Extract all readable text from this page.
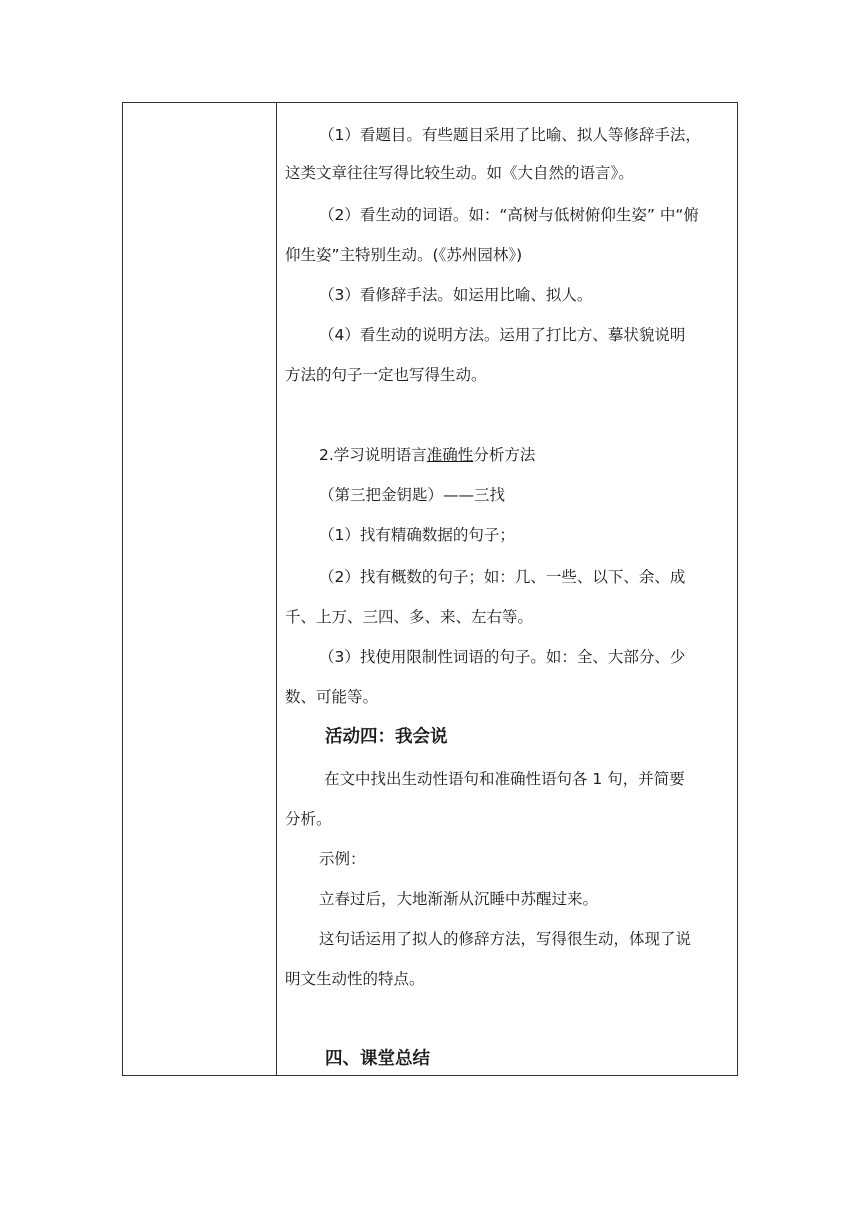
（1）看题目。有些题目采用了比喻、拟人等修辞手法，
这类文章往往写得比较生动。如《大自然的语言》。
（2）看生动的词语。如：“高树与低树俯仰生姿” 中“俯
仰生姿”主特别生动。(《苏州园林》)
（3）看修辞手法。如运用比喻、拟人。
（4）看生动的说明方法。运用了打比方、摹状貌说明
方法的句子一定也写得生动。
2.学习说明语言准确性分析方法
（第三把金钥匙）——三找
（1）找有精确数据的句子；
（2）找有概数的句子；如：几、一些、以下、余、成
千、上万、三四、多、来、左右等。
（3）找使用限制性词语的句子。如：全、大部分、少
数、可能等。
活动四：我会说
在文中找出生动性语句和准确性语句各 1 句，并简要
分析。
示例：
立春过后，大地渐渐从沉睡中苏醒过来。
这句话运用了拟人的修辞方法，写得很生动，体现了说
明文生动性的特点。
四、课堂总结
